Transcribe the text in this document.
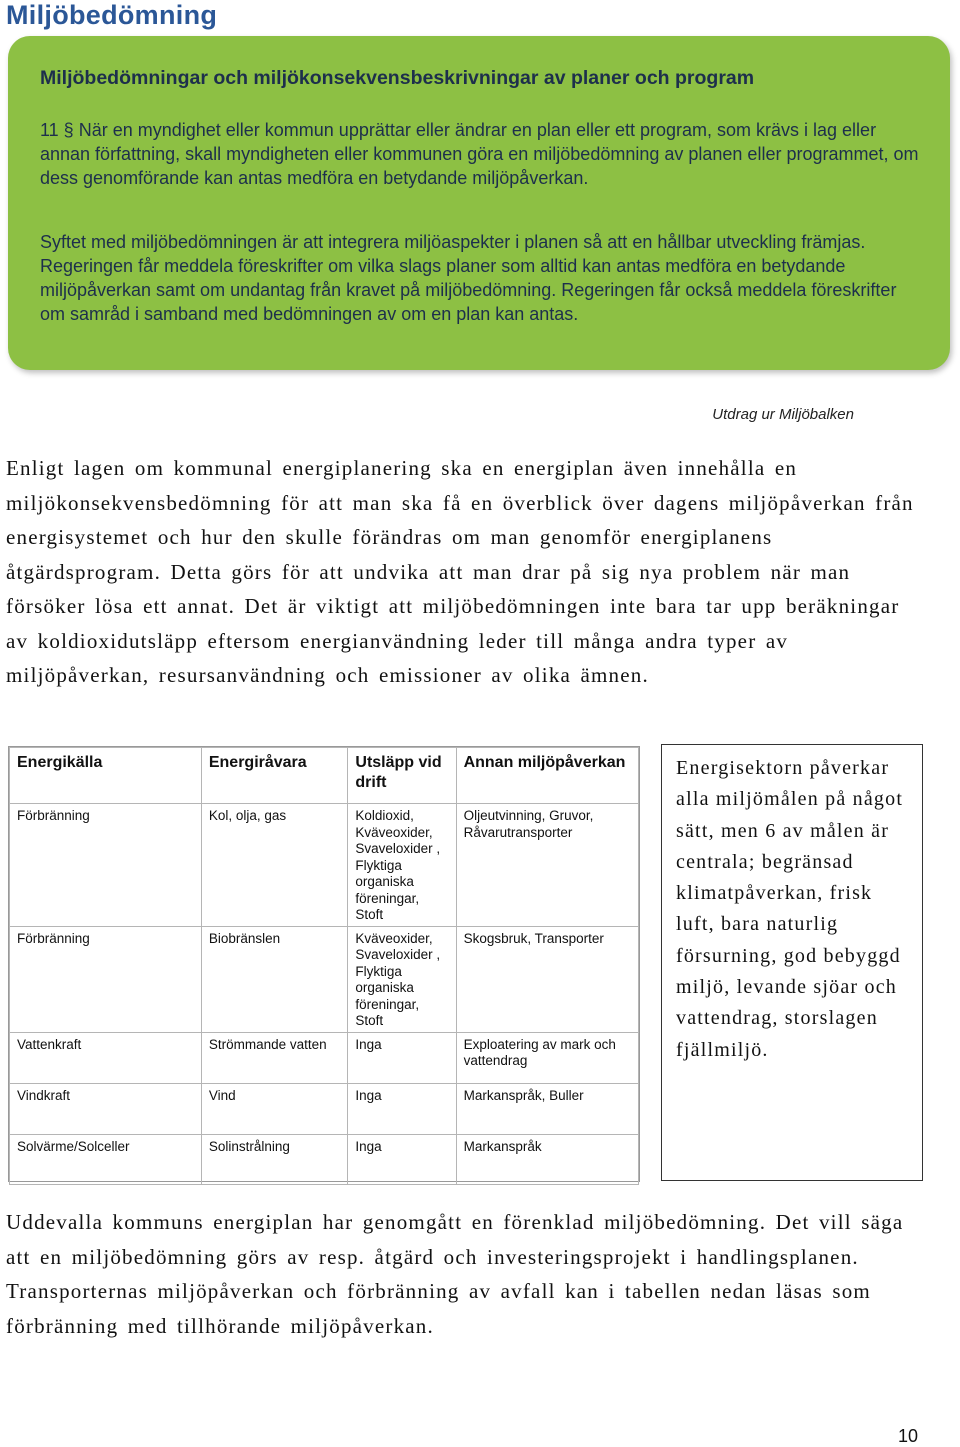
Miljöbedömning
Miljöbedömningar och miljökonsekvensbeskrivningar av planer och program
11 § När en myndighet eller kommun upprättar eller ändrar en plan eller ett program, som krävs i lag eller annan författning, skall myndigheten eller kommunen göra en miljöbedömning av planen eller programmet, om dess genomförande kan antas medföra en betydande miljöpåverkan.
Syftet med miljöbedömningen är att integrera miljöaspekter i planen så att en hållbar utveckling främjas. Regeringen får meddela föreskrifter om vilka slags planer som alltid kan antas medföra en betydande miljöpåverkan samt om undantag från kravet på miljöbedömning. Regeringen får också meddela föreskrifter om samråd i samband med bedömningen av om en plan kan antas.
Utdrag ur Miljöbalken
Enligt lagen om kommunal energiplanering ska en energiplan även innehålla en miljökonsekvensbedömning för att man ska få en överblick över dagens miljöpåverkan från energisystemet och hur den skulle förändras om man genomför energiplanens åtgärdsprogram. Detta görs för att undvika att man drar på sig nya problem när man försöker lösa ett annat. Det är viktigt att miljöbedömningen inte bara tar upp beräkningar av koldioxidutsläpp eftersom energianvändning leder till många andra typer av miljöpåverkan, resursanvändning och emissioner av olika ämnen.
Energikälla	Energiråvara	Utsläpp vid drift	Annan miljöpåverkan
Förbränning	Kol, olja, gas	Koldioxid, Kväveoxider, Svaveloxider , Flyktiga organiska föreningar, Stoft	Oljeutvinning, Gruvor, Råvarutransporter
Förbränning	Biobränslen	Kväveoxider, Svaveloxider , Flyktiga organiska föreningar, Stoft	Skogsbruk, Transporter
Vattenkraft	Strömmande vatten	Inga	Exploatering av mark och vattendrag
Vindkraft	Vind	Inga	Markanspråk, Buller
Solvärme/Solceller	Solinstrålning	Inga	Markanspråk
Energisektorn påverkar alla miljömålen på något sätt, men 6 av målen är centrala; begränsad klimatpåverkan, frisk luft, bara naturlig försurning, god bebyggd miljö, levande sjöar och vattendrag, storslagen fjällmiljö.
Uddevalla kommuns energiplan har genomgått en förenklad miljöbedömning. Det vill säga att en miljöbedömning görs av resp. åtgärd och investeringsprojekt i handlingsplanen. Transporternas miljöpåverkan och förbränning av avfall kan i tabellen nedan läsas som förbränning med tillhörande miljöpåverkan.
10
